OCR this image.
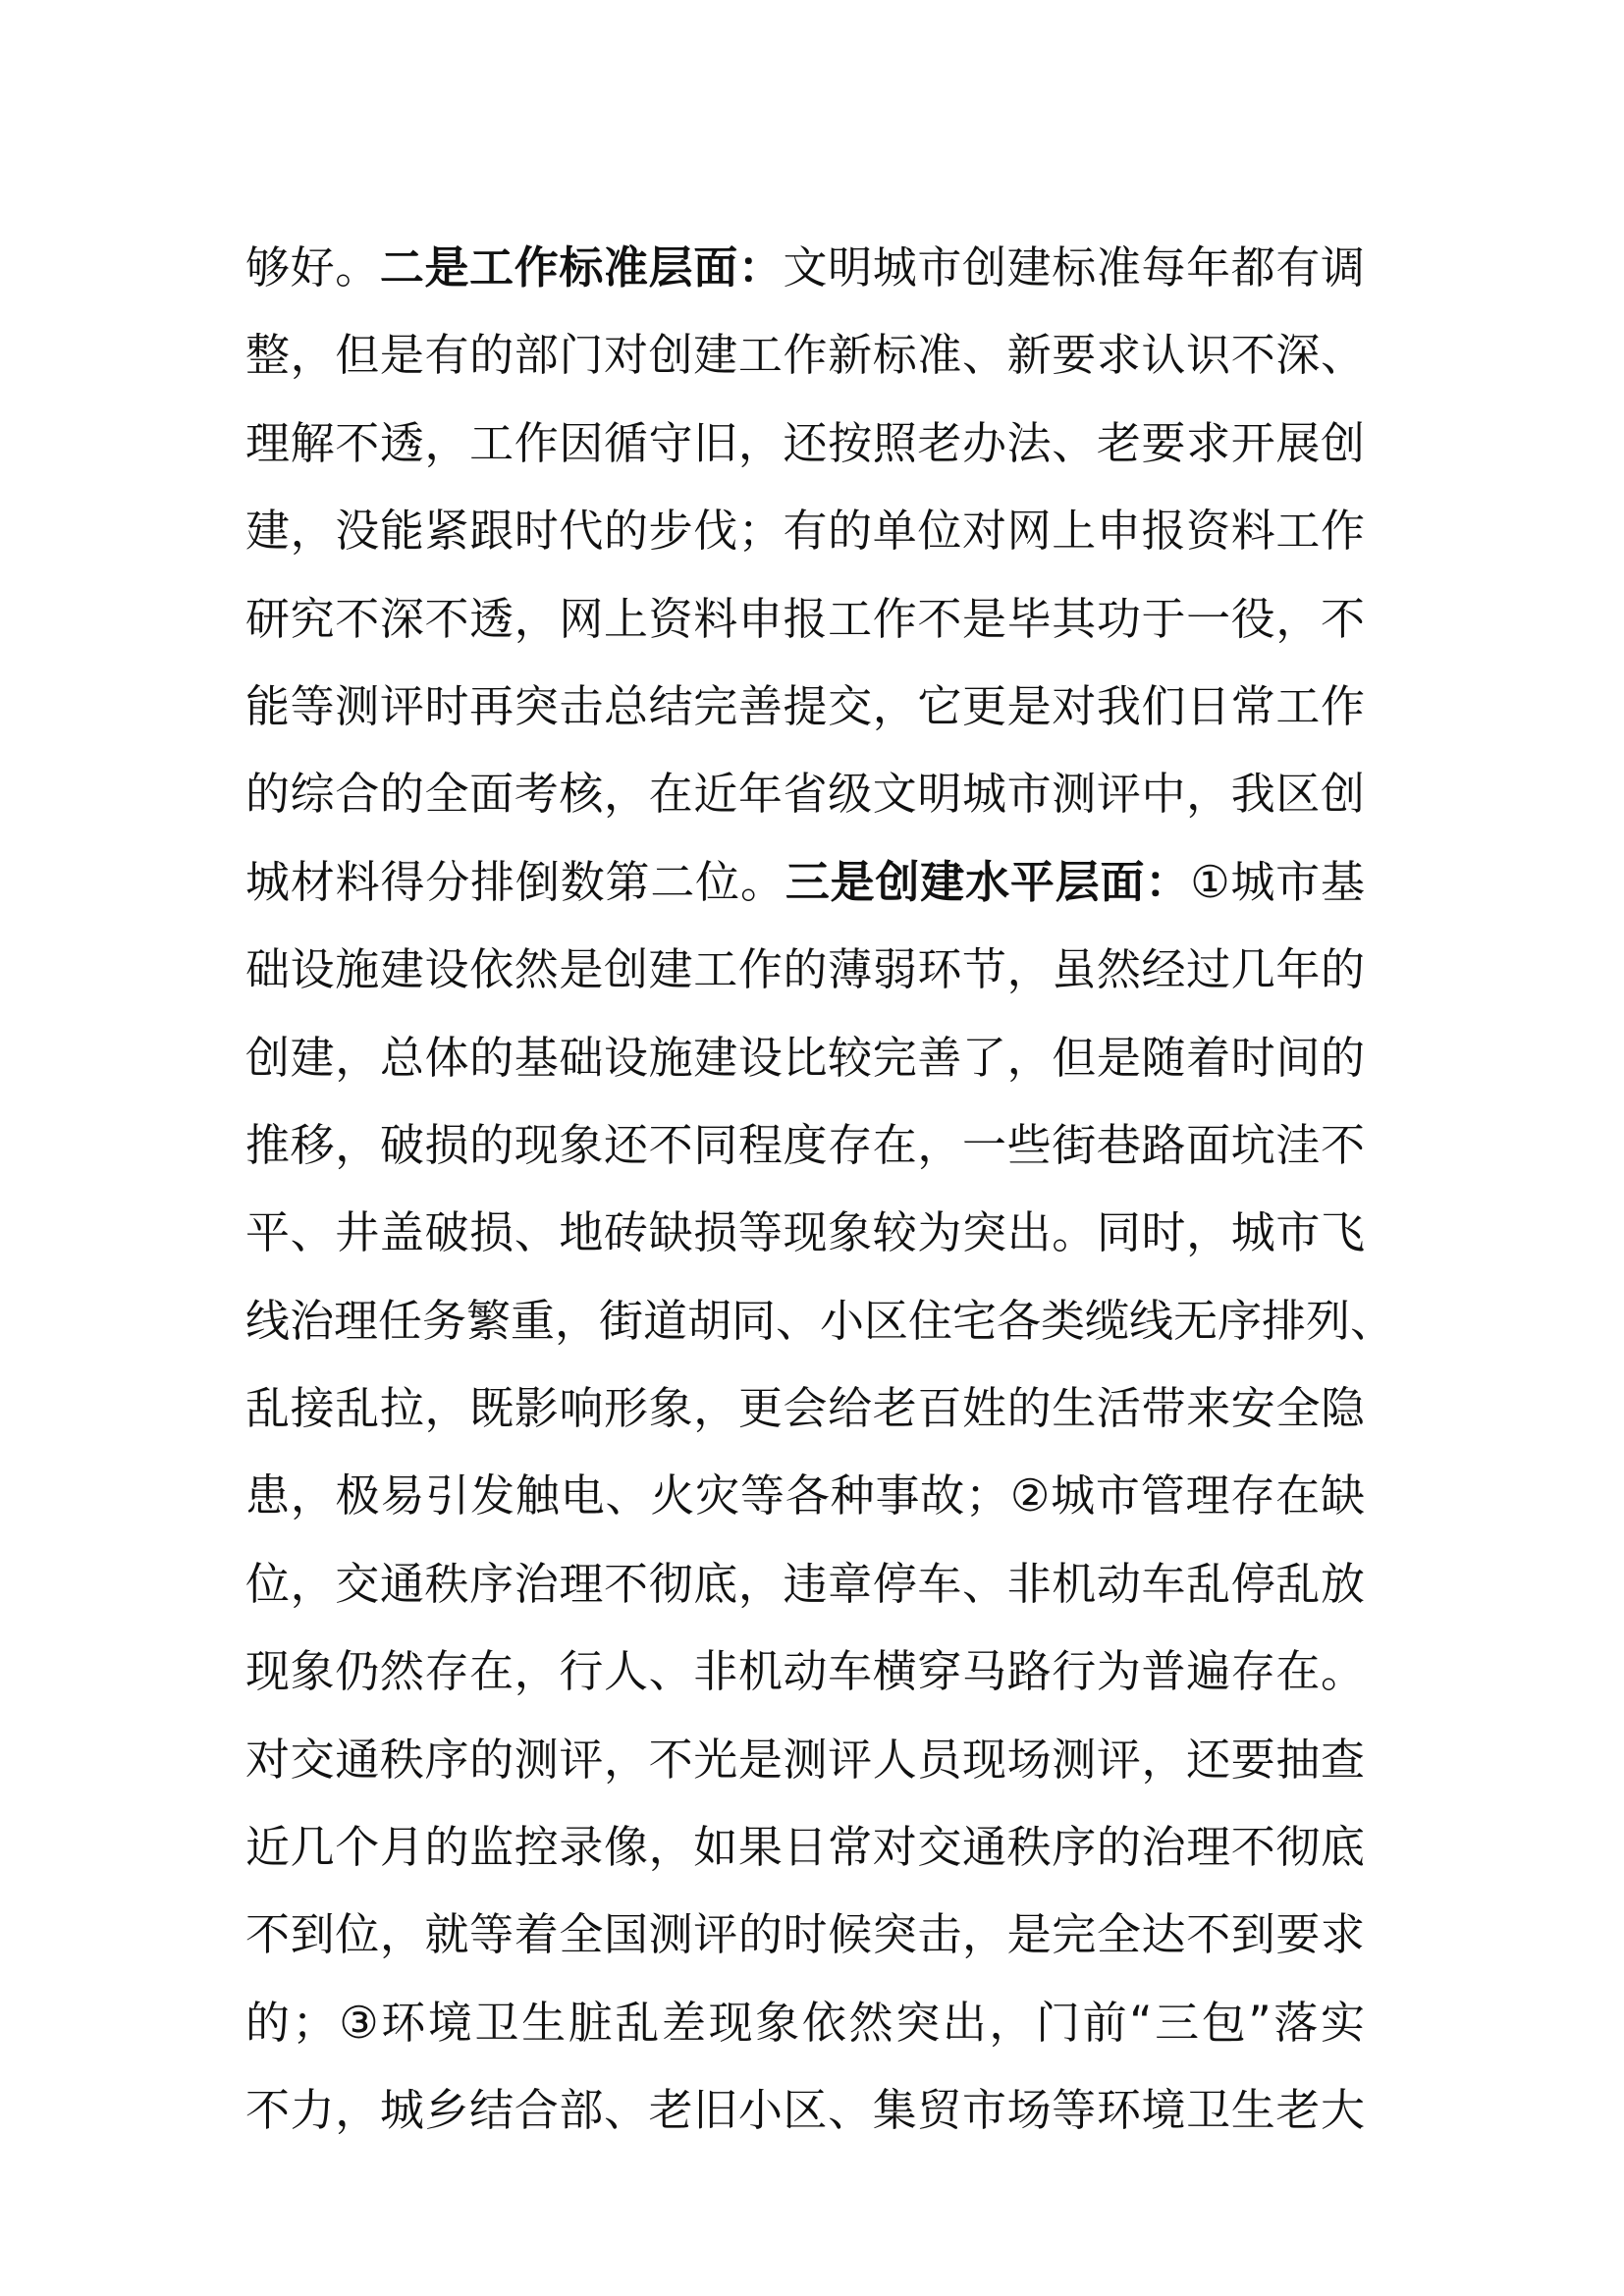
够好。二是工作标准层面：文明城市创建标准每年都有调
整，但是有的部门对创建工作新标准、新要求认识不深、
理解不透，工作因循守旧，还按照老办法、老要求开展创
建，没能紧跟时代的步伐；有的单位对网上申报资料工作
研究不深不透，网上资料申报工作不是毕其功于一役，不
能等测评时再突击总结完善提交，它更是对我们日常工作
的综合的全面考核，在近年省级文明城市测评中，我区创
城材料得分排倒数第二位。三是创建水平层面：①城市基
础设施建设依然是创建工作的薄弱环节，虽然经过几年的
创建，总体的基础设施建设比较完善了，但是随着时间的
推移，破损的现象还不同程度存在，一些街巷路面坑洼不
平、井盖破损、地砖缺损等现象较为突出。同时，城市飞
线治理任务繁重，街道胡同、小区住宅各类缆线无序排列、
乱接乱拉，既影响形象，更会给老百姓的生活带来安全隐
患，极易引发触电、火灾等各种事故；②城市管理存在缺
位，交通秩序治理不彻底，违章停车、非机动车乱停乱放
现象仍然存在，行人、非机动车横穿马路行为普遍存在。
对交通秩序的测评，不光是测评人员现场测评，还要抽查
近几个月的监控录像，如果日常对交通秩序的治理不彻底
不到位，就等着全国测评的时候突击，是完全达不到要求
的；③环境卫生脏乱差现象依然突出，门前“三包”落实
不力，城乡结合部、老旧小区、集贸市场等环境卫生老大
